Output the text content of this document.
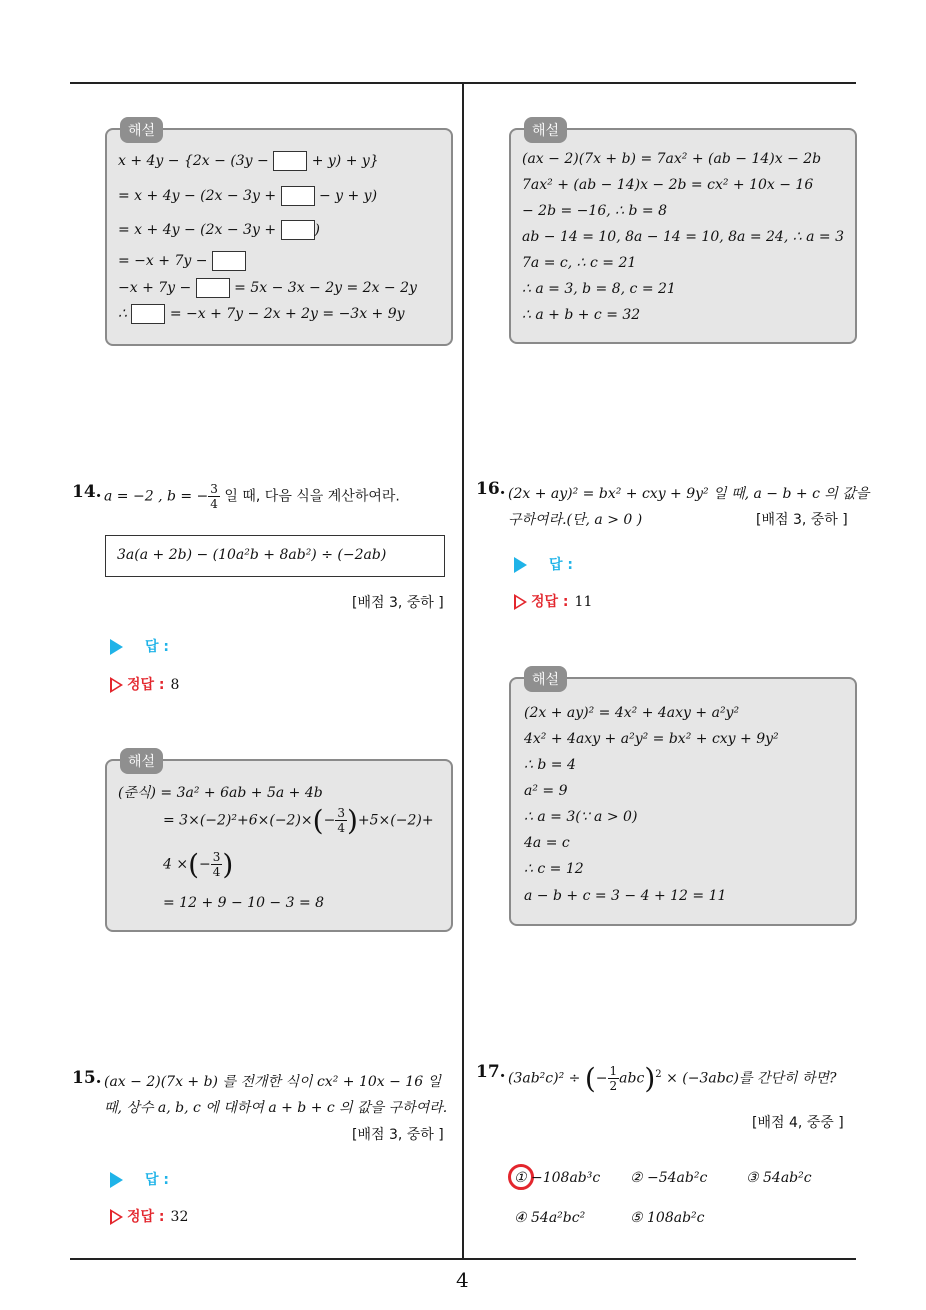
해설
x + 4y − {2x − (3y −	+ y) + y}
= x + 4y − (2x − 3y +	− y + y)
= x + 4y − (2x − 3y + )
= −x + 7y −
−x + 7y −	= 5x − 3x − 2y = 2x − 2y
∴	= −x + 7y − 2x + 2y = −3x + 9y
해설
(ax − 2)(7x + b) = 7ax² + (ab − 14)x − 2b
7ax² + (ab − 14)x − 2b = cx² + 10x − 16
− 2b = −16, ∴ b = 8
ab − 14 = 10, 8a − 14 = 10, 8a = 24, ∴ a = 3
7a = c, ∴ c = 21
∴ a = 3, b = 8, c = 21
∴ a + b + c = 32
14. a = −2 , b = − $\frac{3}{4}$ 일 때, 다음 식을 계산하여라.
3a(a + 2b) − (10a²b + 8ab²) ÷ (−2ab)
[배점 3, 중하 ]
답 :
정답 : 8
해설
(준식) = 3a² + 6ab + 5a + 4b
= $3\times(-2)^2+6\times(-2)\times(- \frac{3}{4} )+5\times(-2)+$
4 ×(− $\frac{3}{4}$ )
= 12 + 9 − 10 − 3 = 8
15. (ax − 2)(7x + b) 를 전개한 식이 cx² + 10x − 16 일
때, 상수 a, b, c 에 대하여 a + b + c 의 값을 구하여라.
[배점 3, 중하 ]
답 :
정답 : 32
16. (2x + ay)² = bx² + cxy + 9y² 일 때, a − b + c 의 값을
구하여라.(단, a > 0 )	[배점 3, 중하 ]
답 :
정답 : 11
해설
(2x + ay)² = 4x² + 4axy + a²y²
4x² + 4axy + a²y² = bx² + cxy + 9y²
∴ b = 4
a² = 9
∴ a = 3(∵ a > 0)
4a = c
∴ c = 12
a − b + c = 3 − 4 + 12 = 11
17. (3ab²c)² ÷ (− $\frac{1}{2} abc)^2 \times (-3abc)$를 간단히 하면?
[배점 4, 중중 ]
① −108ab³c ② −54ab²c	③ 54ab²c
④ 54a²bc²	⑤ 108ab²c
4
